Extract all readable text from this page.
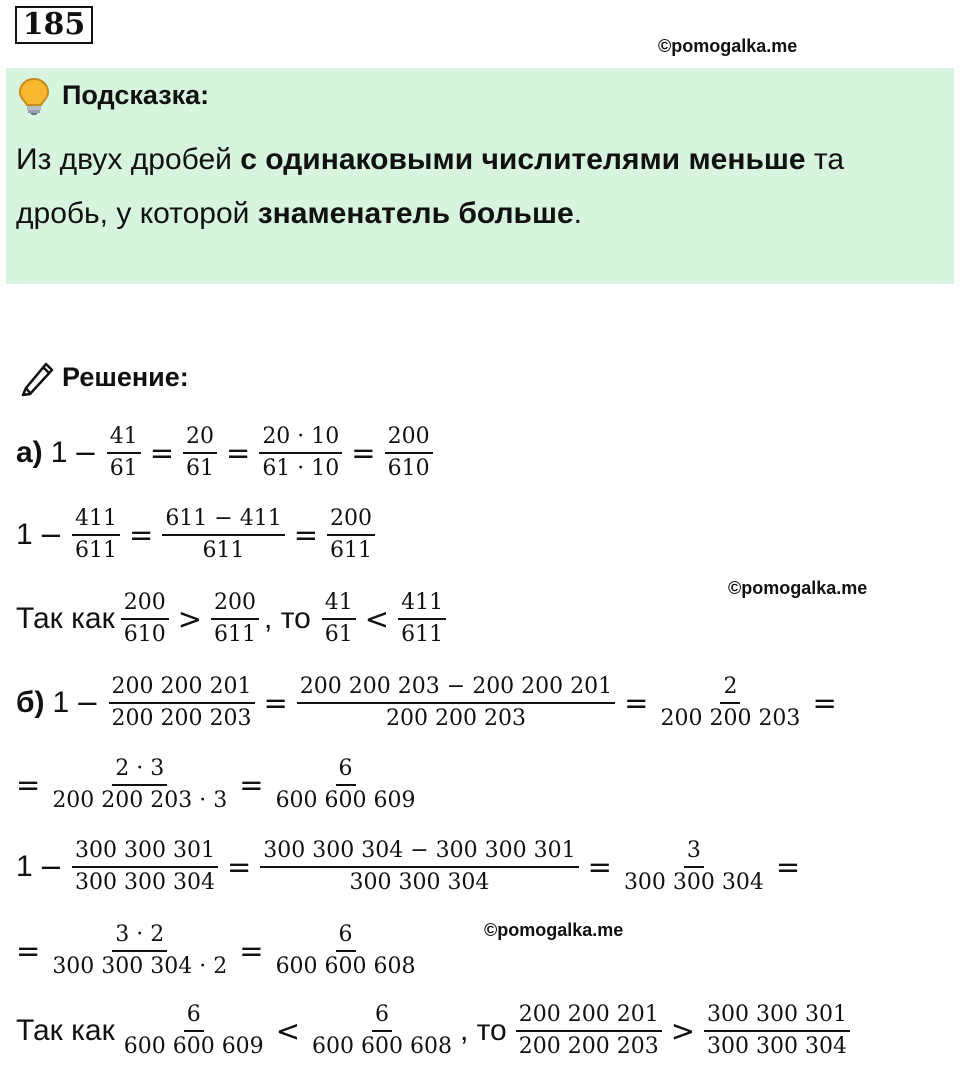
185
©pomogalka.me
Подсказка:
Из двух дробей с одинаковыми числителями меньше та
дробь, у которой знаменатель больше.
Решение:
а) $1 - \frac{41}{61} = \frac{20}{61} = \frac{20 \cdot 10}{61 \cdot 10} = \frac{200}{610}$
$1 - \frac{411}{611} = \frac{611 - 411}{611} = \frac{200}{611}$
©pomogalka.me
Так как $\frac{200}{610} > \frac{200}{611}$ , то $\frac{41}{61} < \frac{411}{611}$
б) $1 - \frac{200 200 201}{200 200 203} = \frac{200 200 203 - 200 200 201}{200 200 203} = \frac{2}{200 200 203}$ =
= $\frac{2 \cdot 3}{200 200 203 \cdot 3} = \frac{6}{600 600 609}$
$1 - \frac{300 300 301}{300 300 304} = \frac{300 300 304 - 300 300 301}{300 300 304} = \frac{3}{300 300 304}$ =
©pomogalka.me
= $\frac{3 \cdot 2}{300 300 304 \cdot 2} = \frac{6}{600 600 608}$
Так как $\frac{6}{600 600 609} < \frac{6}{600 600 608}$ , то $\frac{200 200 201}{200 200 203} > \frac{300 300 301}{300 300 304}$
